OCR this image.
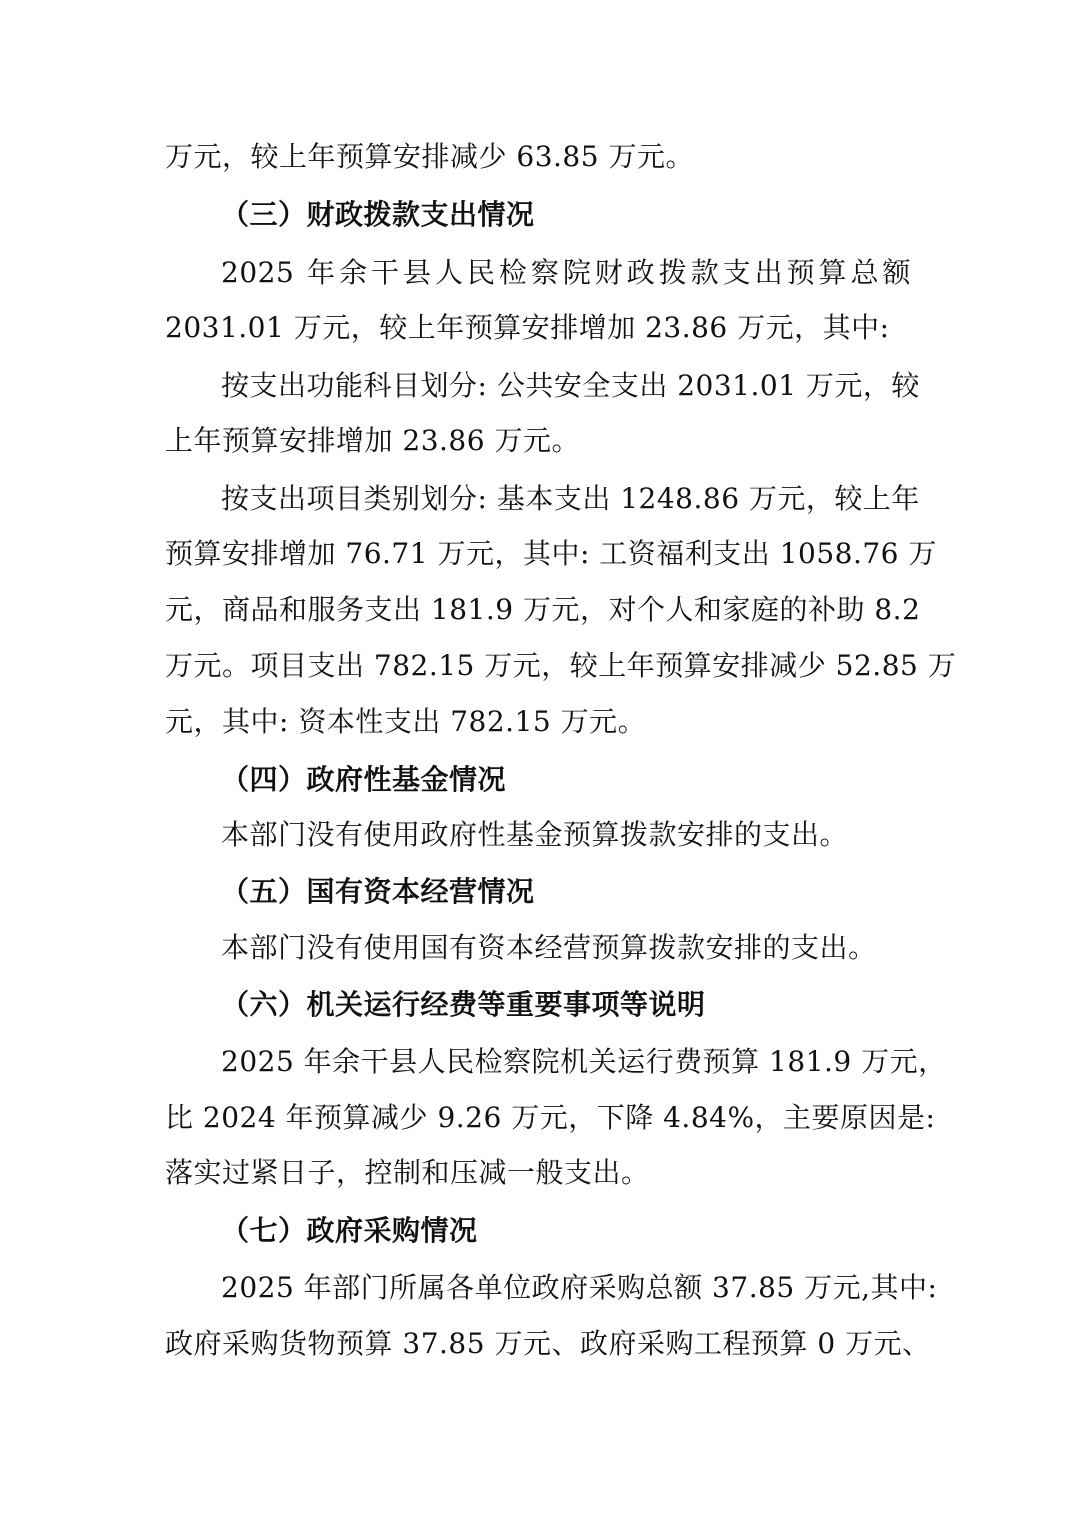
万元，较上年预算安排减少 63.85 万元。
（三）财政拨款支出情况
2025 年余干县人民检察院财政拨款支出预算总额
2031.01 万元，较上年预算安排增加 23.86 万元，其中:
按支出功能科目划分: 公共安全支出 2031.01 万元，较
上年预算安排增加 23.86 万元。
按支出项目类别划分: 基本支出 1248.86 万元，较上年
预算安排增加 76.71 万元，其中: 工资福利支出 1058.76 万
元，商品和服务支出 181.9 万元，对个人和家庭的补助 8.2
万元。项目支出 782.15 万元，较上年预算安排减少 52.85 万
元，其中: 资本性支出 782.15 万元。
（四）政府性基金情况
本部门没有使用政府性基金预算拨款安排的支出。
（五）国有资本经营情况
本部门没有使用国有资本经营预算拨款安排的支出。
（六）机关运行经费等重要事项等说明
2025 年余干县人民检察院机关运行费预算 181.9 万元，
比 2024 年预算减少 9.26 万元，下降 4.84%，主要原因是:
落实过紧日子，控制和压减一般支出。
（七）政府采购情况
2025 年部门所属各单位政府采购总额 37.85 万元,其中:
政府采购货物预算 37.85 万元、政府采购工程预算 0 万元、
